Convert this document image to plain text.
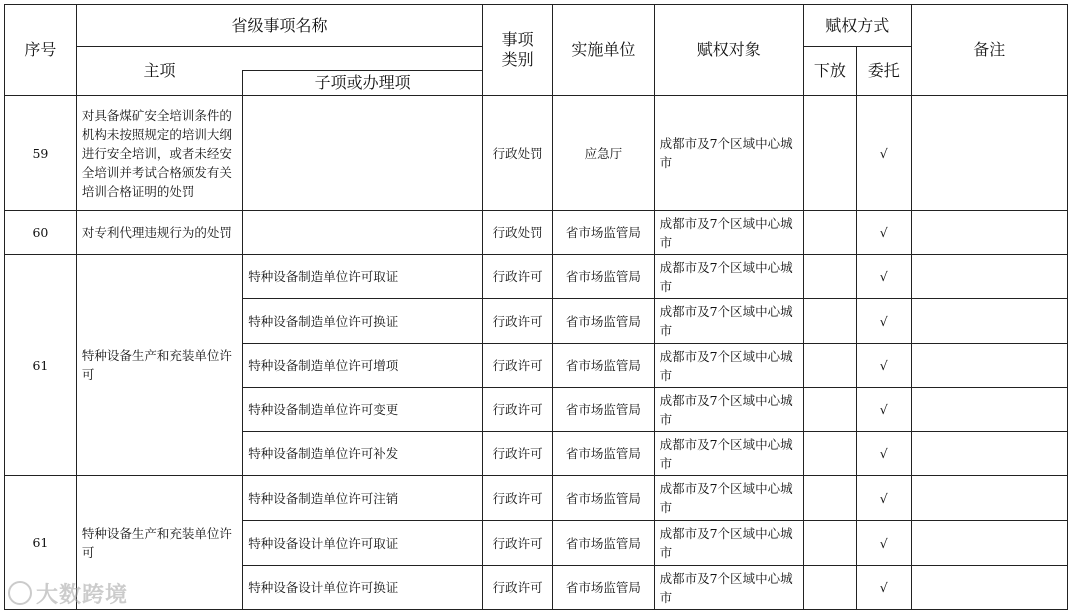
序号	省级事项名称		事项类别	实施单位	赋权对象	赋权方式		备注
	主项					下放	委托	
		子项或办理项						
59	对具备煤矿安全培训条件的机构未按照规定的培训大纲进行安全培训，或者未经安全培训并考试合格颁发有关培训合格证明的处罚		行政处罚	应急厅	成都市及7个区域中心城市		√	
60	对专利代理违规行为的处罚		行政处罚	省市场监管局	成都市及7个区域中心城市		√	
61	特种设备生产和充装单位许可	特种设备制造单位许可取证	行政许可	省市场监管局	成都市及7个区域中心城市		√	
		特种设备制造单位许可换证	行政许可	省市场监管局	成都市及7个区域中心城市		√	
		特种设备制造单位许可增项	行政许可	省市场监管局	成都市及7个区域中心城市		√	
		特种设备制造单位许可变更	行政许可	省市场监管局	成都市及7个区域中心城市		√	
		特种设备制造单位许可补发	行政许可	省市场监管局	成都市及7个区域中心城市		√	
61	特种设备生产和充装单位许可	特种设备制造单位许可注销	行政许可	省市场监管局	成都市及7个区域中心城市		√	
		特种设备设计单位许可取证	行政许可	省市场监管局	成都市及7个区域中心城市		√	
		特种设备设计单位许可换证	行政许可	省市场监管局	成都市及7个区域中心城市		√	
大数跨境
